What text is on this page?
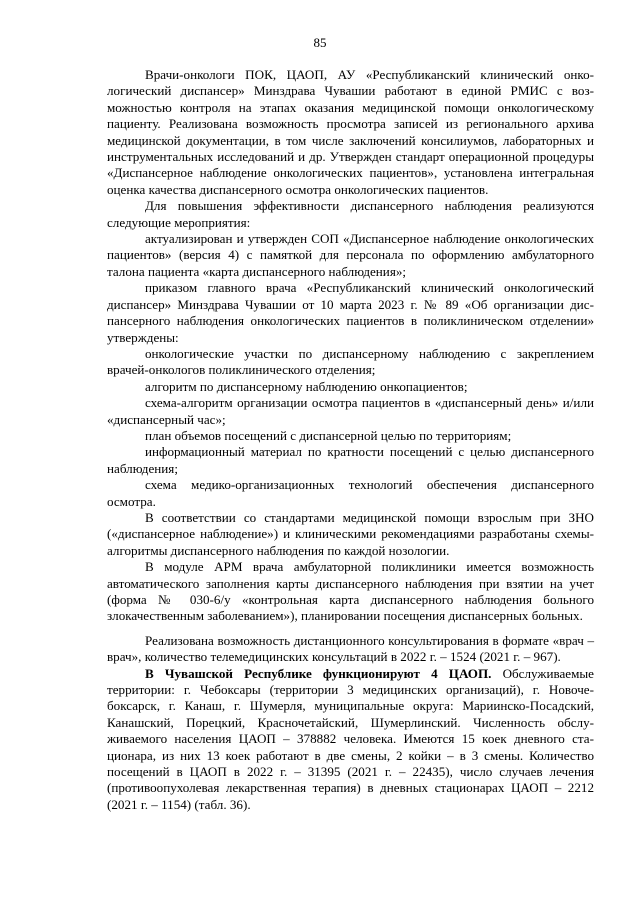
85

Врачи-онкологи ПОК, ЦАОП, АУ «Республиканский клинический онкологический диспансер» Минздрава Чувашии работают в единой РМИС с возможностью контроля на этапах оказания медицинской помощи онкологическому пациенту. Реализована возможность просмотра записей из регионального архива медицинской документации, в том числе заключений консилиумов, лабораторных и инструментальных исследований и др. Утвержден стандарт операционной процедуры «Диспансерное наблюдение онкологических пациентов», установлена интегральная оценка качества диспансерного осмотра онкологических пациентов.

Для повышения эффективности диспансерного наблюдения реализуются следующие мероприятия:

актуализирован и утвержден СОП «Диспансерное наблюдение онкологических пациентов» (версия 4) с памяткой для персонала по оформлению амбулаторного талона пациента «карта диспансерного наблюдения»;

приказом главного врача «Республиканский клинический онкологический диспансер» Минздрава Чувашии от 10 марта 2023 г. № 89 «Об организации диспансерного наблюдения онкологических пациентов в поликлиническом отделении» утверждены:

онкологические участки по диспансерному наблюдению с закреплением врачей-онкологов поликлинического отделения;

алгоритм по диспансерному наблюдению онкопациентов;

схема-алгоритм организации осмотра пациентов в «диспансерный день» и/или «диспансерный час»;

план объемов посещений с диспансерной целью по территориям;

информационный материал по кратности посещений с целью диспансерного наблюдения;

схема медико-организационных технологий обеспечения диспансерного осмотра.

В соответствии со стандартами медицинской помощи взрослым при ЗНО («диспансерное наблюдение») и клиническими рекомендациями разработаны схемы-алгоритмы диспансерного наблюдения по каждой нозологии.

В модуле АРМ врача амбулаторной поликлиники имеется возможность автоматического заполнения карты диспансерного наблюдения при взятии на учет (форма № 030-6/у «контрольная карта диспансерного наблюдения больного злокачественным заболеванием»), планировании посещения диспансерных больных.

Реализована возможность дистанционного консультирования в формате «врач – врач», количество телемедицинских консультаций в 2022 г. – 1524 (2021 г. – 967).

В Чувашской Республике функционируют 4 ЦАОП. Обслуживаемые территории: г. Чебоксары (территории 3 медицинских организаций), г. Новочебоксарск, г. Канаш, г. Шумерля, муниципальные округа: Мариинско-Посадский, Канашский, Порецкий, Красночетайский, Шумерлинский. Численность обслуживаемого населения ЦАОП – 378882 человека. Имеются 15 коек дневного стационара, из них 13 коек работают в две смены, 2 койки – в 3 смены. Количество посещений в ЦАОП в 2022 г. – 31395 (2021 г. – 22435), число случаев лечения (противоопухолевая лекарственная терапия) в дневных стационарах ЦАОП – 2212 (2021 г. – 1154) (табл. 36).
